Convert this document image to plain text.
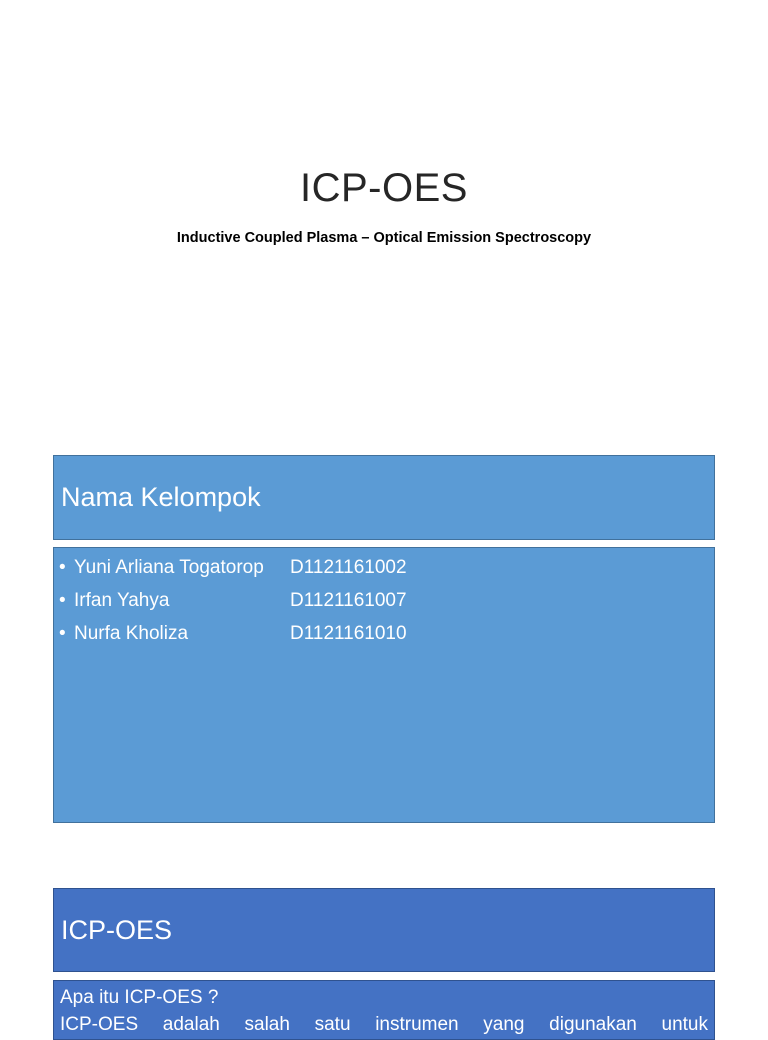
ICP-OES
Inductive Coupled Plasma – Optical Emission Spectroscopy
Nama Kelompok
• Yuni Arliana Togatorop	D1121161002
• Irfan Yahya	D1121161007
• Nurfa Kholiza	D1121161010
ICP-OES
Apa itu ICP-OES ?
ICP-OES adalah salah satu instrumen yang digunakan untuk
